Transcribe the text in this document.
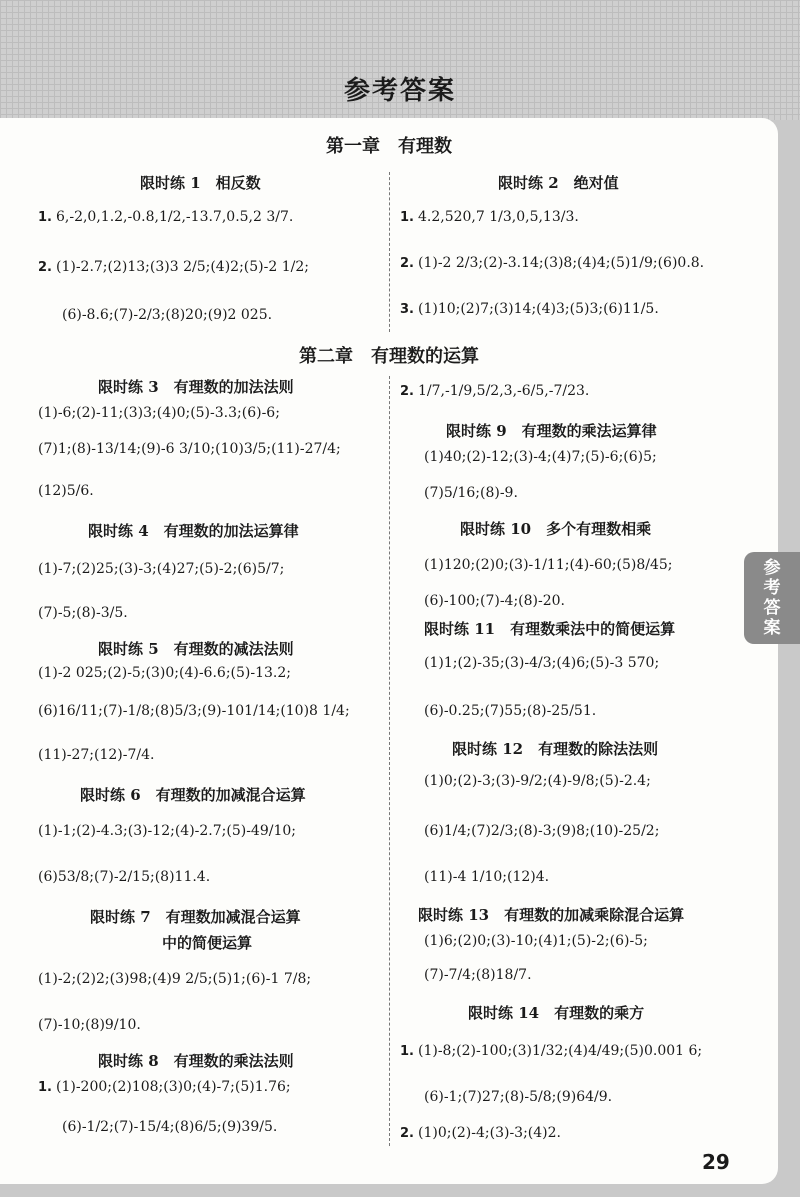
参考答案
参
考
答
案
第一章　有理数
限时练 1　相反数
1. 6,-2,0,1.2,-0.8,1/2,-13.7,0.5,2 3/7.
2. (1)-2.7;(2)13;(3)3 2/5;(4)2;(5)-2 1/2;
(6)-8.6;(7)-2/3;(8)20;(9)2 025.
限时练 2　绝对值
1. 4.2,520,7 1/3,0,5,13/3.
2. (1)-2 2/3;(2)-3.14;(3)8;(4)4;(5)1/9;(6)0.8.
3. (1)10;(2)7;(3)14;(4)3;(5)3;(6)11/5.
第二章　有理数的运算
限时练 3　有理数的加法法则
(1)-6;(2)-11;(3)3;(4)0;(5)-3.3;(6)-6;
(7)1;(8)-13/14;(9)-6 3/10;(10)3/5;(11)-27/4;
(12)5/6.
限时练 4　有理数的加法运算律
(1)-7;(2)25;(3)-3;(4)27;(5)-2;(6)5/7;
(7)-5;(8)-3/5.
限时练 5　有理数的减法法则
(1)-2 025;(2)-5;(3)0;(4)-6.6;(5)-13.2;
(6)16/11;(7)-1/8;(8)5/3;(9)-101/14;(10)8 1/4;
(11)-27;(12)-7/4.
限时练 6　有理数的加减混合运算
(1)-1;(2)-4.3;(3)-12;(4)-2.7;(5)-49/10;
(6)53/8;(7)-2/15;(8)11.4.
限时练 7　有理数加减混合运算
中的简便运算
(1)-2;(2)2;(3)98;(4)9 2/5;(5)1;(6)-1 7/8;
(7)-10;(8)9/10.
限时练 8　有理数的乘法法则
1. (1)-200;(2)108;(3)0;(4)-7;(5)1.76;
(6)-1/2;(7)-15/4;(8)6/5;(9)39/5.
2. 1/7,-1/9,5/2,3,-6/5,-7/23.
限时练 9　有理数的乘法运算律
(1)40;(2)-12;(3)-4;(4)7;(5)-6;(6)5;
(7)5/16;(8)-9.
限时练 10　多个有理数相乘
(1)120;(2)0;(3)-1/11;(4)-60;(5)8/45;
(6)-100;(7)-4;(8)-20.
限时练 11　有理数乘法中的简便运算
(1)1;(2)-35;(3)-4/3;(4)6;(5)-3 570;
(6)-0.25;(7)55;(8)-25/51.
限时练 12　有理数的除法法则
(1)0;(2)-3;(3)-9/2;(4)-9/8;(5)-2.4;
(6)1/4;(7)2/3;(8)-3;(9)8;(10)-25/2;
(11)-4 1/10;(12)4.
限时练 13　有理数的加减乘除混合运算
(1)6;(2)0;(3)-10;(4)1;(5)-2;(6)-5;
(7)-7/4;(8)18/7.
限时练 14　有理数的乘方
1. (1)-8;(2)-100;(3)1/32;(4)4/49;(5)0.001 6;
(6)-1;(7)27;(8)-5/8;(9)64/9.
2. (1)0;(2)-4;(3)-3;(4)2.
29
